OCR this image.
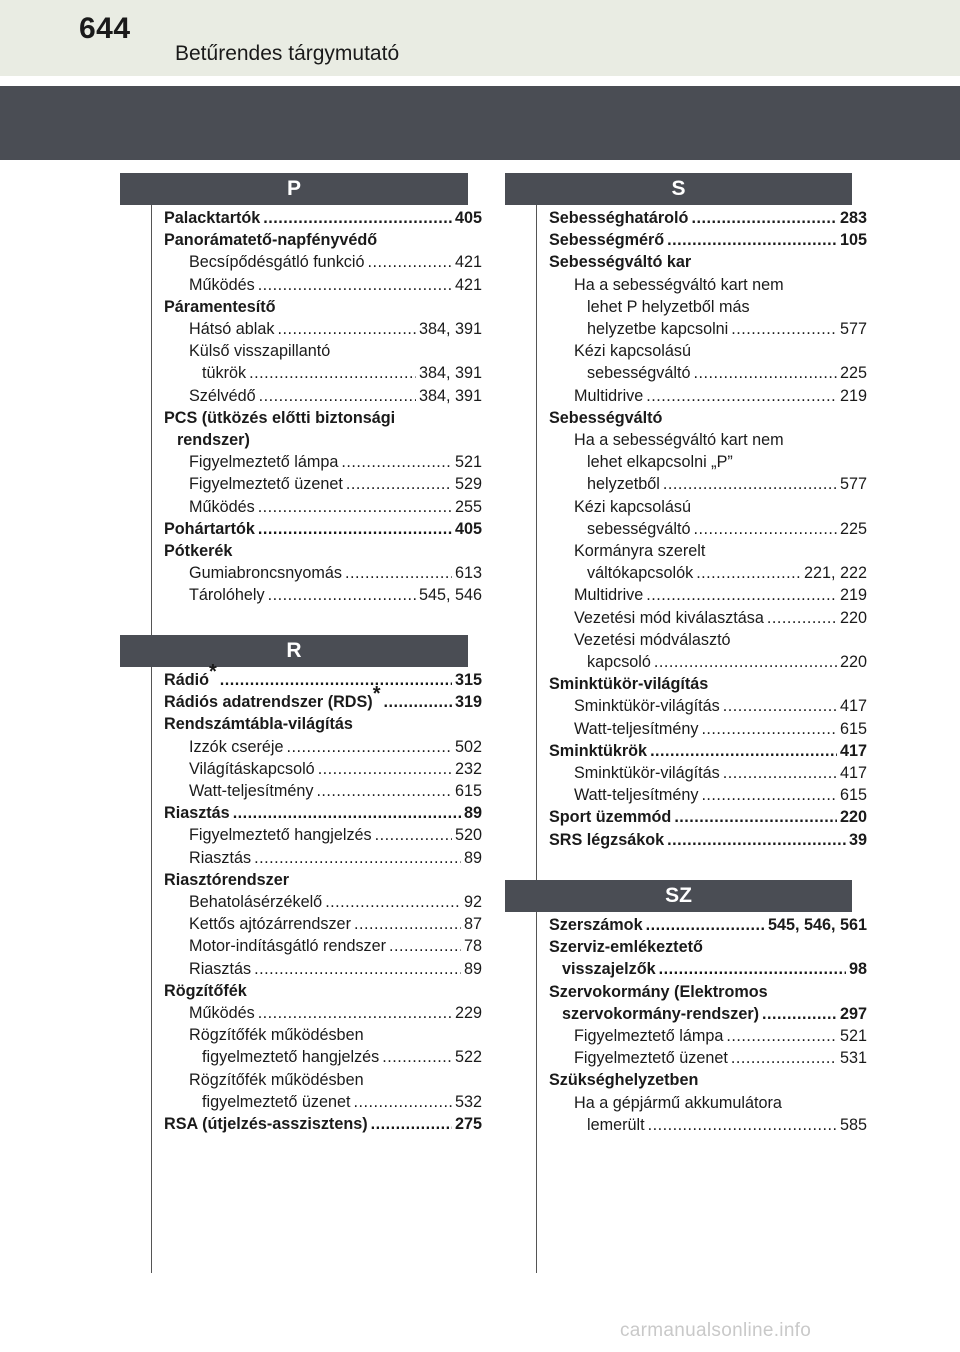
644
Betűrendes tárgymutató
P
Palacktartók .....	405
Panorámatető-napfényvédő
Becsípődésgátló funkció .....	421
Működés .....	421
Páramentesítő
Hátsó ablak .....	384, 391
Külső visszapillantó
tükrök .....	384, 391
Szélvédő .....	384, 391
PCS (ütközés előtti biztonsági
rendszer)
Figyelmeztető lámpa .....	521
Figyelmeztető üzenet .....	529
Működés .....	255
Pohártartók .....	405
Pótkerék
Gumiabroncsnyomás .....	613
Tárolóhely .....	545, 546
R
Rádió* .....	315
Rádiós adatrendszer (RDS)* .....	319
Rendszámtábla-világítás
Izzók cseréje .....	502
Világításkapcsoló .....	232
Watt-teljesítmény .....	615
Riasztás .....	89
Figyelmeztető hangjelzés .....	520
Riasztás .....	89
Riasztórendszer
Behatolásérzékelő .....	92
Kettős ajtózárrendszer .....	87
Motor-indításgátló rendszer .....	78
Riasztás .....	89
Rögzítőfék
Működés .....	229
Rögzítőfék működésben
figyelmeztető hangjelzés .....	522
Rögzítőfék működésben
figyelmeztető üzenet .....	532
RSA (útjelzés-asszisztens) .....	275
S
Sebességhatároló .....	283
Sebességmérő .....	105
Sebességváltó kar
Ha a sebességváltó kart nem
lehet P helyzetből más
helyzetbe kapcsolni .....	577
Kézi kapcsolású
sebességváltó .....	225
Multidrive .....	219
Sebességváltó
Ha a sebességváltó kart nem
lehet elkapcsolni „P”
helyzetből .....	577
Kézi kapcsolású
sebességváltó .....	225
Kormányra szerelt
váltókapcsolók .....	221, 222
Multidrive .....	219
Vezetési mód kiválasztása .....	220
Vezetési módválasztó
kapcsoló .....	220
Sminktükör-világítás
Sminktükör-világítás .....	417
Watt-teljesítmény .....	615
Sminktükrök .....	417
Sminktükör-világítás .....	417
Watt-teljesítmény .....	615
Sport üzemmód .....	220
SRS légzsákok .....	39
SZ
Szerszámok .....	545, 546, 561
Szerviz-emlékeztető
visszajelzők .....	98
Szervokormány (Elektromos
szervokormány-rendszer) .....	297
Figyelmeztető lámpa .....	521
Figyelmeztető üzenet .....	531
Szükséghelyzetben
Ha a gépjármű akkumulátora
lemerült .....	585
carmanualsonline.info
